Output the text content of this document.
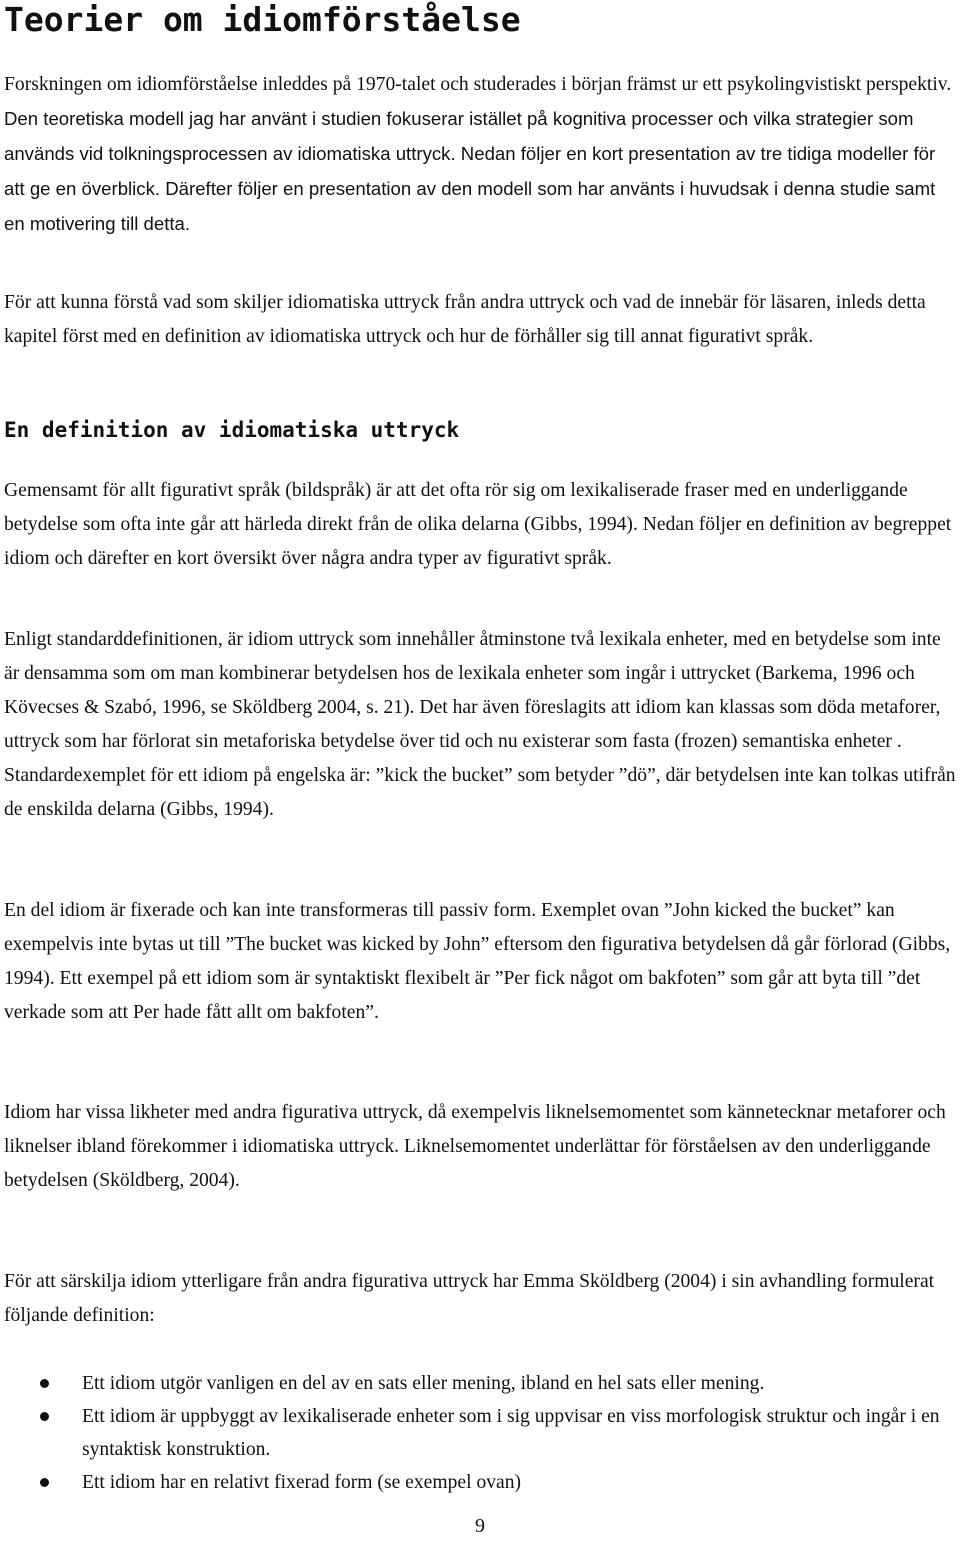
Teorier om idiomförståelse

Forskningen om idiomförståelse inleddes på 1970-talet och studerades i början främst ur ett psykolingvistiskt perspektiv. Den teoretiska modell jag har använt i studien fokuserar istället på kognitiva processer och vilka strategier som används vid tolkningsprocessen av idiomatiska uttryck. Nedan följer en kort presentation av tre tidiga modeller för att ge en överblick. Därefter följer en presentation av den modell som har använts i huvudsak i denna studie samt en motivering till detta.

För att kunna förstå vad som skiljer idiomatiska uttryck från andra uttryck och vad de innebär för läsaren, inleds detta kapitel först med en definition av idiomatiska uttryck och hur de förhåller sig till annat figurativt språk.

En definition av idiomatiska uttryck

Gemensamt för allt figurativt språk (bildspråk) är att det ofta rör sig om lexikaliserade fraser med en underliggande betydelse som ofta inte går att härleda direkt från de olika delarna (Gibbs, 1994). Nedan följer en definition av begreppet idiom och därefter en kort översikt över några andra typer av figurativt språk.

Enligt standarddefinitionen, är idiom uttryck som innehåller åtminstone två lexikala enheter, med en betydelse som inte är densamma som om man kombinerar betydelsen hos de lexikala enheter som ingår i uttrycket (Barkema, 1996 och Kövecses & Szabó, 1996, se Sköldberg 2004, s. 21). Det har även föreslagits att idiom kan klassas som döda metaforer, uttryck som har förlorat sin metaforiska betydelse över tid och nu existerar som fasta (frozen) semantiska enheter . Standardexemplet för ett idiom på engelska är: ”kick the bucket” som betyder ”dö”, där betydelsen inte kan tolkas utifrån de enskilda delarna (Gibbs, 1994).

En del idiom är fixerade och kan inte transformeras till passiv form. Exemplet ovan ”John kicked the bucket” kan exempelvis inte bytas ut till ”The bucket was kicked by John” eftersom den figurativa betydelsen då går förlorad (Gibbs, 1994). Ett exempel på ett idiom som är syntaktiskt flexibelt är ”Per fick något om bakfoten” som går att byta till ”det verkade som att Per hade fått allt om bakfoten”.

Idiom har vissa likheter med andra figurativa uttryck, då exempelvis liknelsemomentet som kännetecknar metaforer och liknelser ibland förekommer i idiomatiska uttryck. Liknelsemomentet underlättar för förståelsen av den underliggande betydelsen (Sköldberg, 2004).

För att särskilja idiom ytterligare från andra figurativa uttryck har Emma Sköldberg (2004) i sin avhandling formulerat följande definition:

Ett idiom utgör vanligen en del av en sats eller mening, ibland en hel sats eller mening.
Ett idiom är uppbyggt av lexikaliserade enheter som i sig uppvisar en viss morfologisk struktur och ingår i en syntaktisk konstruktion.
Ett idiom har en relativt fixerad form (se exempel ovan)
9
